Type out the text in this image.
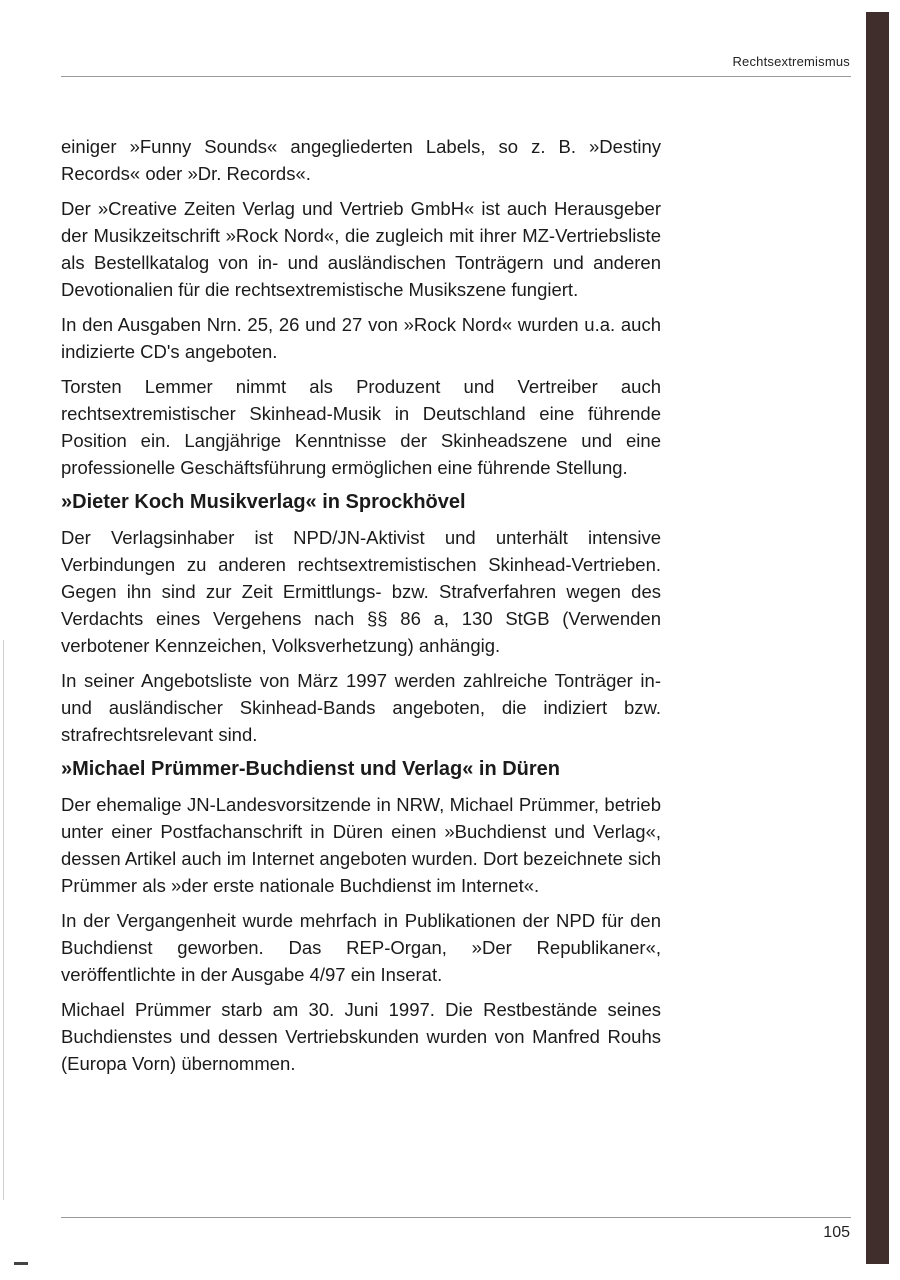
Rechtsextremismus

einiger »Funny Sounds« angegliederten Labels, so z. B. »Destiny Records« oder »Dr. Records«.

Der »Creative Zeiten Verlag und Vertrieb GmbH« ist auch Herausgeber der Musikzeitschrift »Rock Nord«, die zugleich mit ihrer MZ-Vertriebsliste als Bestellkatalog von in- und ausländischen Tonträgern und anderen Devotionalien für die rechtsextremistische Musikszene fungiert.

In den Ausgaben Nrn. 25, 26 und 27 von »Rock Nord« wurden u.a. auch indizierte CD's angeboten.

Torsten Lemmer nimmt als Produzent und Vertreiber auch rechtsextremistischer Skinhead-Musik in Deutschland eine führende Position ein. Langjährige Kenntnisse der Skinheadszene und eine professionelle Geschäftsführung ermöglichen eine führende Stellung.

»Dieter Koch Musikverlag« in Sprockhövel

Der Verlagsinhaber ist NPD/JN-Aktivist und unterhält intensive Verbindungen zu anderen rechtsextremistischen Skinhead-Vertrieben. Gegen ihn sind zur Zeit Ermittlungs- bzw. Strafverfahren wegen des Verdachts eines Vergehens nach §§ 86 a, 130 StGB (Verwenden verbotener Kennzeichen, Volksverhetzung) anhängig.

In seiner Angebotsliste von März 1997 werden zahlreiche Tonträger in- und ausländischer Skinhead-Bands angeboten, die indiziert bzw. strafrechtsrelevant sind.

»Michael Prümmer-Buchdienst und Verlag« in Düren

Der ehemalige JN-Landesvorsitzende in NRW, Michael Prümmer, betrieb unter einer Postfachanschrift in Düren einen »Buchdienst und Verlag«, dessen Artikel auch im Internet angeboten wurden. Dort bezeichnete sich Prümmer als »der erste nationale Buchdienst im Internet«.

In der Vergangenheit wurde mehrfach in Publikationen der NPD für den Buchdienst geworben. Das REP-Organ, »Der Republikaner«, veröffentlichte in der Ausgabe 4/97 ein Inserat.

Michael Prümmer starb am 30. Juni 1997. Die Restbestände seines Buchdienstes und dessen Vertriebskunden wurden von Manfred Rouhs (Europa Vorn) übernommen.

105
